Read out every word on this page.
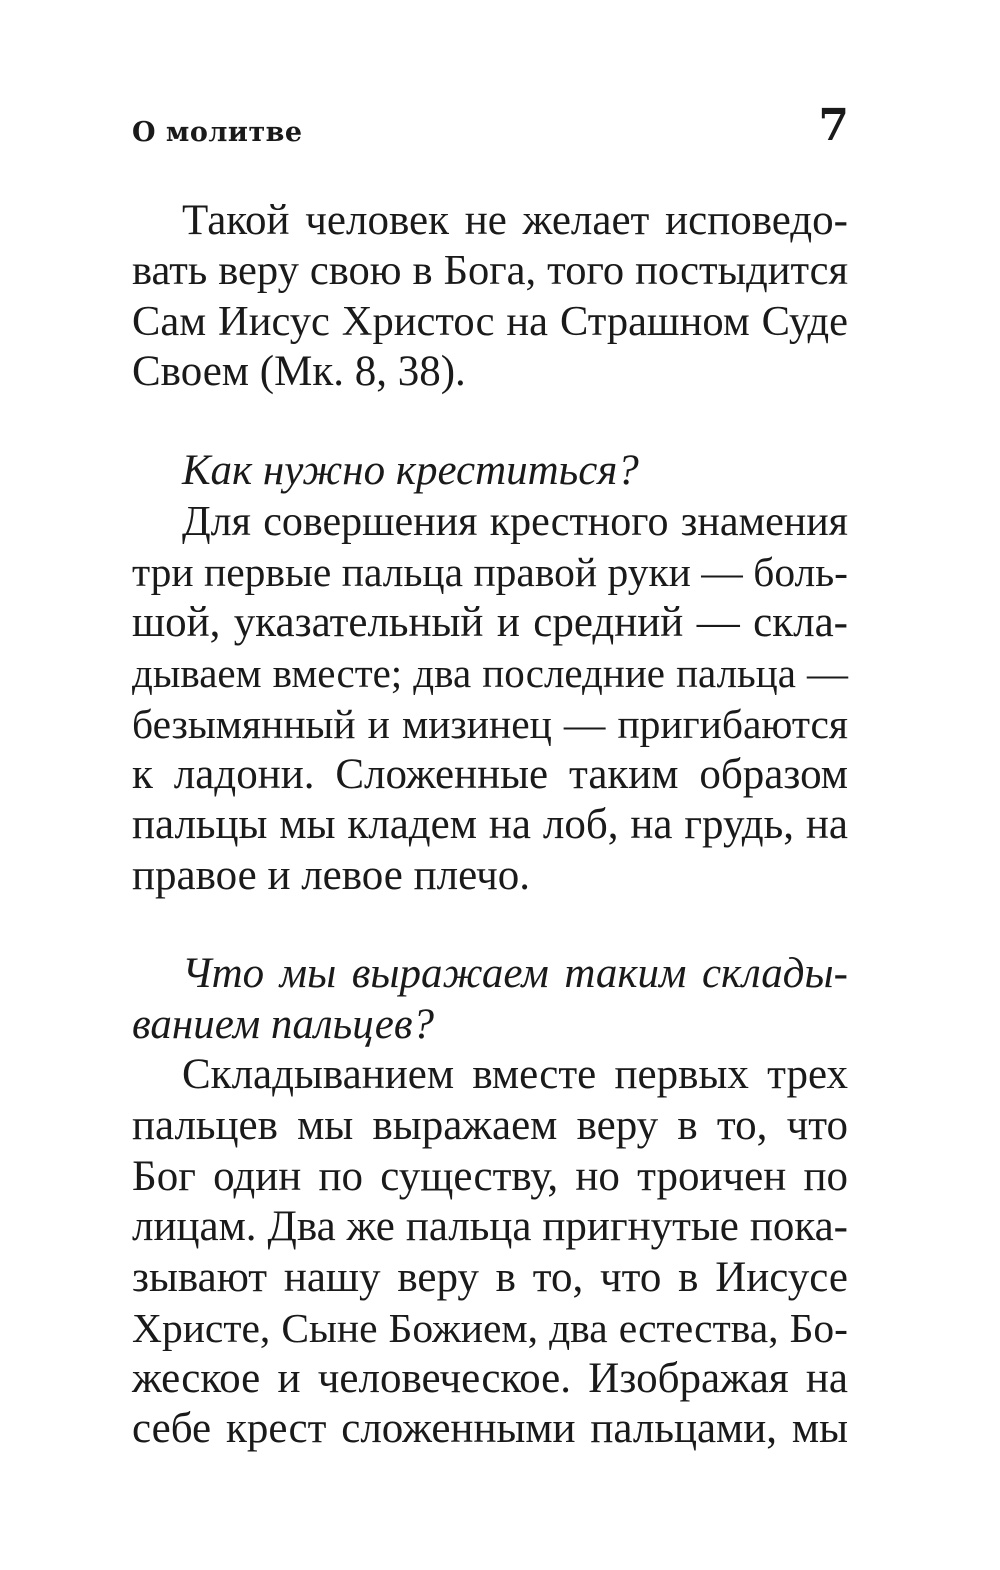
О молитве	7
Такой человек не желает исповедо-
вать веру свою в Бога, того постыдится
Сам Иисус Христос на Страшном Суде
Своем (Мк. 8, 38).
Как нужно креститься?
Для совершения крестного знамения
три первые пальца правой руки — боль-
шой, указательный и средний — скла-
дываем вместе; два последние пальца —
безымянный и мизинец — пригибаются
к ладони. Сложенные таким образом
пальцы мы кладем на лоб, на грудь, на
правое и левое плечо.
Что мы выражаем таким склады-
ванием пальцев?
Складыванием вместе первых трех
пальцев мы выражаем веру в то, что
Бог один по существу, но троичен по
лицам. Два же пальца пригнутые пока-
зывают нашу веру в то, что в Иисусе
Христе, Сыне Божием, два естества, Бо-
жеское и человеческое. Изображая на
себе крест сложенными пальцами, мы
